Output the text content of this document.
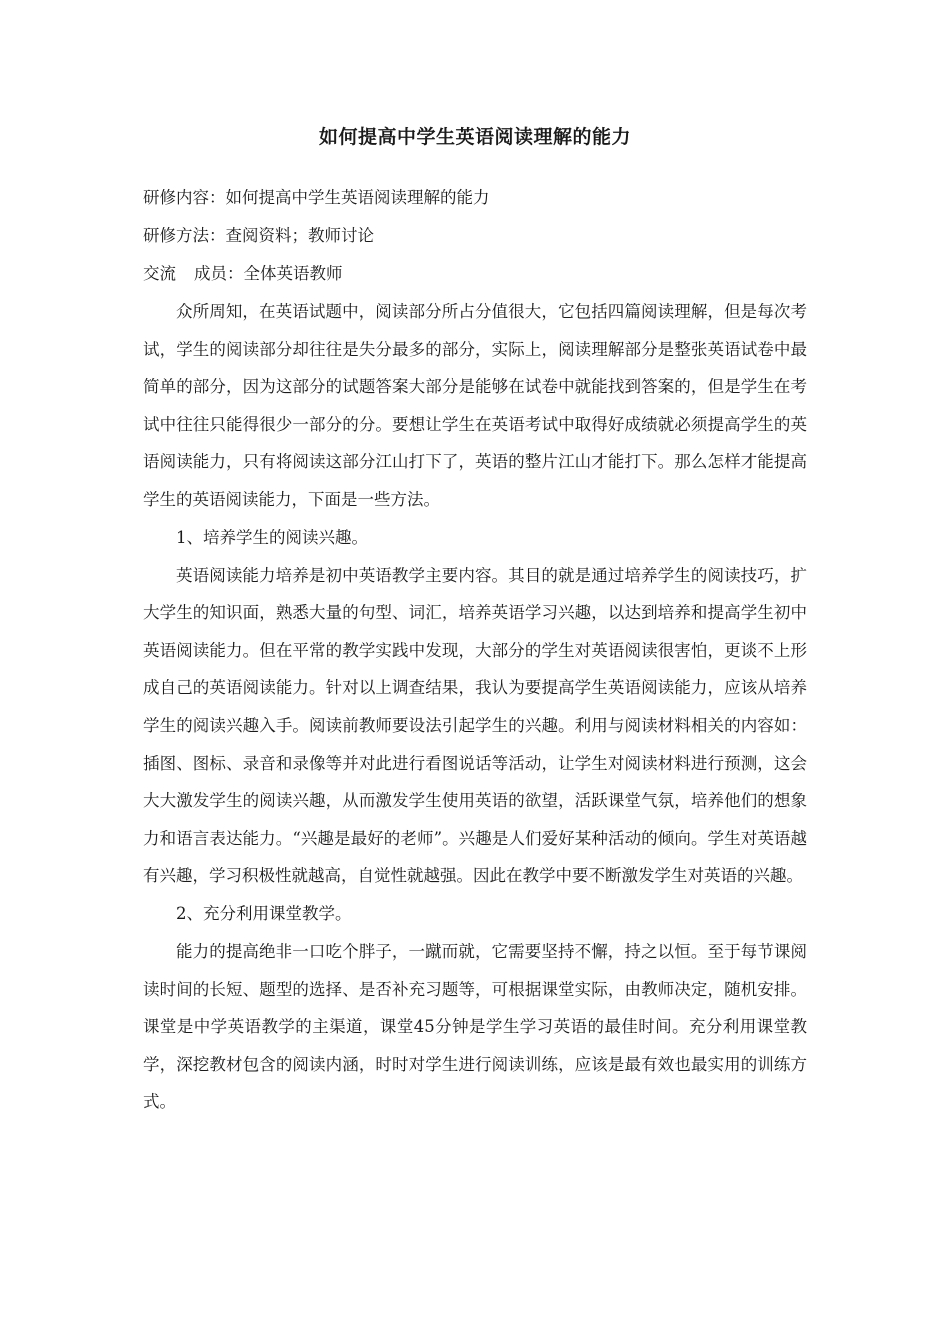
如何提高中学生英语阅读理解的能力
研修内容：如何提高中学生英语阅读理解的能力
研修方法：查阅资料；教师讨论
交流 成员：全体英语教师

众所周知，在英语试题中，阅读部分所占分值很大，它包括四篇阅读理解，但是每次考试，学生的阅读部分却往往是失分最多的部分，实际上，阅读理解部分是整张英语试卷中最简单的部分，因为这部分的试题答案大部分是能够在试卷中就能找到答案的，但是学生在考试中往往只能得很少一部分的分。要想让学生在英语考试中取得好成绩就必须提高学生的英语阅读能力，只有将阅读这部分江山打下了，英语的整片江山才能打下。那么怎样才能提高学生的英语阅读能力，下面是一些方法。

1、培养学生的阅读兴趣。

英语阅读能力培养是初中英语教学主要内容。其目的就是通过培养学生的阅读技巧，扩大学生的知识面，熟悉大量的句型、词汇，培养英语学习兴趣，以达到培养和提高学生初中英语阅读能力。但在平常的教学实践中发现，大部分的学生对英语阅读很害怕，更谈不上形成自己的英语阅读能力。针对以上调查结果，我认为要提高学生英语阅读能力，应该从培养学生的阅读兴趣入手。阅读前教师要设法引起学生的兴趣。利用与阅读材料相关的内容如：插图、图标、录音和录像等并对此进行看图说话等活动，让学生对阅读材料进行预测，这会大大激发学生的阅读兴趣，从而激发学生使用英语的欲望，活跃课堂气氛，培养他们的想象力和语言表达能力。“兴趣是最好的老师”。兴趣是人们爱好某种活动的倾向。学生对英语越有兴趣，学习积极性就越高，自觉性就越强。因此在教学中要不断激发学生对英语的兴趣。

2、充分利用课堂教学。

能力的提高绝非一口吃个胖子，一蹴而就，它需要坚持不懈，持之以恒。至于每节课阅读时间的长短、题型的选择、是否补充习题等，可根据课堂实际，由教师决定，随机安排。课堂是中学英语教学的主渠道，课堂45分钟是学生学习英语的最佳时间。充分利用课堂教学，深挖教材包含的阅读内涵，时时对学生进行阅读训练，应该是最有效也最实用的训练方式。
